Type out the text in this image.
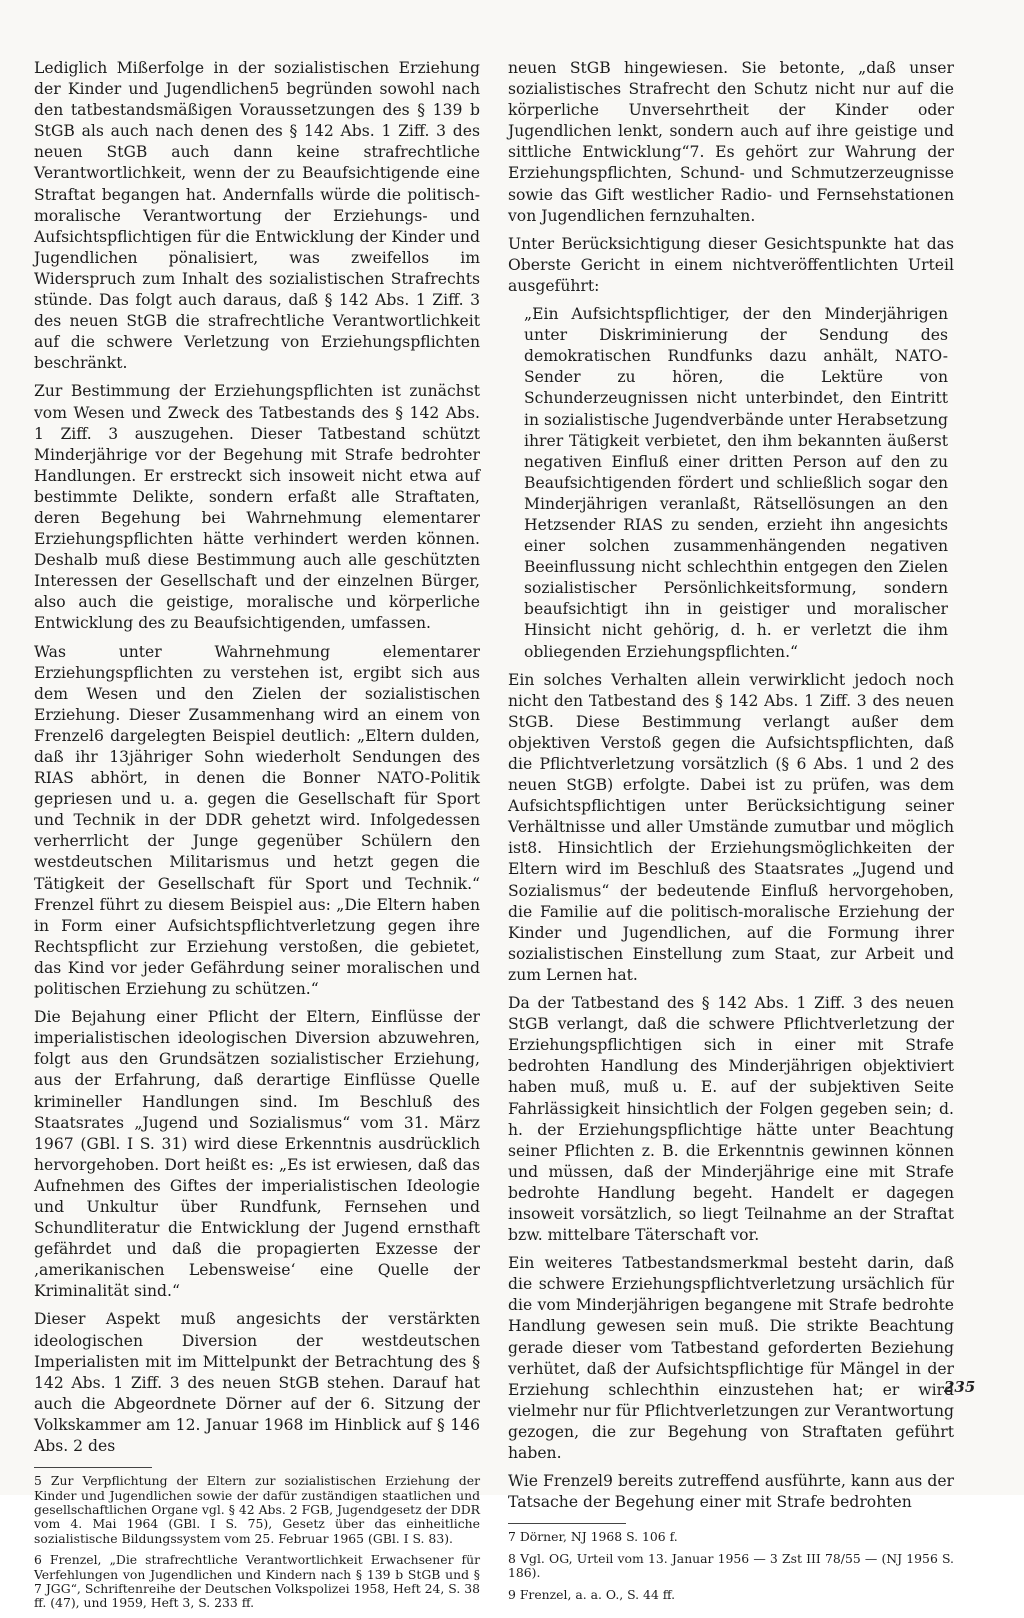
Lediglich Mißerfolge in der sozialistischen Erziehung der Kinder und Jugendlichen5 begründen sowohl nach den tatbestandsmäßigen Voraussetzungen des § 139 b StGB als auch nach denen des § 142 Abs. 1 Ziff. 3 des neuen StGB auch dann keine strafrechtliche Verantwortlichkeit, wenn der zu Beaufsichtigende eine Straftat begangen hat. Andernfalls würde die politisch-moralische Verantwortung der Erziehungs- und Aufsichtspflichtigen für die Entwicklung der Kinder und Jugendlichen pönalisiert, was zweifellos im Widerspruch zum Inhalt des sozialistischen Strafrechts stünde. Das folgt auch daraus, daß § 142 Abs. 1 Ziff. 3 des neuen StGB die strafrechtliche Verantwortlichkeit auf die schwere Verletzung von Erziehungspflichten beschränkt.

Zur Bestimmung der Erziehungspflichten ist zunächst vom Wesen und Zweck des Tatbestands des § 142 Abs. 1 Ziff. 3 auszugehen. Dieser Tatbestand schützt Minderjährige vor der Begehung mit Strafe bedrohter Handlungen. Er erstreckt sich insoweit nicht etwa auf bestimmte Delikte, sondern erfaßt alle Straftaten, deren Begehung bei Wahrnehmung elementarer Erziehungspflichten hätte verhindert werden können. Deshalb muß diese Bestimmung auch alle geschützten Interessen der Gesellschaft und der einzelnen Bürger, also auch die geistige, moralische und körperliche Entwicklung des zu Beaufsichtigenden, umfassen.

Was unter Wahrnehmung elementarer Erziehungspflichten zu verstehen ist, ergibt sich aus dem Wesen und den Zielen der sozialistischen Erziehung. Dieser Zusammenhang wird an einem von Frenzel6 dargelegten Beispiel deutlich: „Eltern dulden, daß ihr 13jähriger Sohn wiederholt Sendungen des RIAS abhört, in denen die Bonner NATO-Politik gepriesen und u. a. gegen die Gesellschaft für Sport und Technik in der DDR gehetzt wird. Infolgedessen verherrlicht der Junge gegenüber Schülern den westdeutschen Militarismus und hetzt gegen die Tätigkeit der Gesellschaft für Sport und Technik.“ Frenzel führt zu diesem Beispiel aus: „Die Eltern haben in Form einer Aufsichtspflichtverletzung gegen ihre Rechtspflicht zur Erziehung verstoßen, die gebietet, das Kind vor jeder Gefährdung seiner moralischen und politischen Erziehung zu schützen.“

Die Bejahung einer Pflicht der Eltern, Einflüsse der imperialistischen ideologischen Diversion abzuwehren, folgt aus den Grundsätzen sozialistischer Erziehung, aus der Erfahrung, daß derartige Einflüsse Quelle krimineller Handlungen sind. Im Beschluß des Staatsrates „Jugend und Sozialismus“ vom 31. März 1967 (GBl. I S. 31) wird diese Erkenntnis ausdrücklich hervorgehoben. Dort heißt es: „Es ist erwiesen, daß das Aufnehmen des Giftes der imperialistischen Ideologie und Unkultur über Rundfunk, Fernsehen und Schundliteratur die Entwicklung der Jugend ernsthaft gefährdet und daß die propagierten Exzesse der ‚amerikanischen Lebensweise‘ eine Quelle der Kriminalität sind.“

Dieser Aspekt muß angesichts der verstärkten ideologischen Diversion der westdeutschen Imperialisten mit im Mittelpunkt der Betrachtung des § 142 Abs. 1 Ziff. 3 des neuen StGB stehen. Darauf hat auch die Abgeordnete Dörner auf der 6. Sitzung der Volkskammer am 12. Januar 1968 im Hinblick auf § 146 Abs. 2 des

5 Zur Verpflichtung der Eltern zur sozialistischen Erziehung der Kinder und Jugendlichen sowie der dafür zuständigen staatlichen und gesellschaftlichen Organe vgl. § 42 Abs. 2 FGB, Jugendgesetz der DDR vom 4. Mai 1964 (GBl. I S. 75), Gesetz über das einheitliche sozialistische Bildungssystem vom 25. Februar 1965 (GBl. I S. 83).

6 Frenzel, „Die strafrechtliche Verantwortlichkeit Erwachsener für Verfehlungen von Jugendlichen und Kindern nach § 139 b StGB und § 7 JGG“, Schriftenreihe der Deutschen Volkspolizei 1958, Heft 24, S. 38 ff. (47), und 1959, Heft 3, S. 233 ff.

neuen StGB hingewiesen. Sie betonte, „daß unser sozialistisches Strafrecht den Schutz nicht nur auf die körperliche Unversehrtheit der Kinder oder Jugendlichen lenkt, sondern auch auf ihre geistige und sittliche Entwicklung“7. Es gehört zur Wahrung der Erziehungspflichten, Schund- und Schmutzerzeugnisse sowie das Gift westlicher Radio- und Fernsehstationen von Jugendlichen fernzuhalten.

Unter Berücksichtigung dieser Gesichtspunkte hat das Oberste Gericht in einem nichtveröffentlichten Urteil ausgeführt:

„Ein Aufsichtspflichtiger, der den Minderjährigen unter Diskriminierung der Sendung des demokratischen Rundfunks dazu anhält, NATO-Sender zu hören, die Lektüre von Schunderzeugnissen nicht unterbindet, den Eintritt in sozialistische Jugendverbände unter Herabsetzung ihrer Tätigkeit verbietet, den ihm bekannten äußerst negativen Einfluß einer dritten Person auf den zu Beaufsichtigenden fördert und schließlich sogar den Minderjährigen veranlaßt, Rätsellösungen an den Hetzsender RIAS zu senden, erzieht ihn angesichts einer solchen zusammenhängenden negativen Beeinflussung nicht schlechthin entgegen den Zielen sozialistischer Persönlichkeitsformung, sondern beaufsichtigt ihn in geistiger und moralischer Hinsicht nicht gehörig, d. h. er verletzt die ihm obliegenden Erziehungspflichten.“

Ein solches Verhalten allein verwirklicht jedoch noch nicht den Tatbestand des § 142 Abs. 1 Ziff. 3 des neuen StGB. Diese Bestimmung verlangt außer dem objektiven Verstoß gegen die Aufsichtspflichten, daß die Pflichtverletzung vorsätzlich (§ 6 Abs. 1 und 2 des neuen StGB) erfolgte. Dabei ist zu prüfen, was dem Aufsichtspflichtigen unter Berücksichtigung seiner Verhältnisse und aller Umstände zumutbar und möglich ist8. Hinsichtlich der Erziehungsmöglichkeiten der Eltern wird im Beschluß des Staatsrates „Jugend und Sozialismus“ der bedeutende Einfluß hervorgehoben, die Familie auf die politisch-moralische Erziehung der Kinder und Jugendlichen, auf die Formung ihrer sozialistischen Einstellung zum Staat, zur Arbeit und zum Lernen hat.

Da der Tatbestand des § 142 Abs. 1 Ziff. 3 des neuen StGB verlangt, daß die schwere Pflichtverletzung der Erziehungspflichtigen sich in einer mit Strafe bedrohten Handlung des Minderjährigen objektiviert haben muß, muß u. E. auf der subjektiven Seite Fahrlässigkeit hinsichtlich der Folgen gegeben sein; d. h. der Erziehungspflichtige hätte unter Beachtung seiner Pflichten z. B. die Erkenntnis gewinnen können und müssen, daß der Minderjährige eine mit Strafe bedrohte Handlung begeht. Handelt er dagegen insoweit vorsätzlich, so liegt Teilnahme an der Straftat bzw. mittelbare Täterschaft vor.

Ein weiteres Tatbestandsmerkmal besteht darin, daß die schwere Erziehungspflichtverletzung ursächlich für die vom Minderjährigen begangene mit Strafe bedrohte Handlung gewesen sein muß. Die strikte Beachtung gerade dieser vom Tatbestand geforderten Beziehung verhütet, daß der Aufsichtspflichtige für Mängel in der Erziehung schlechthin einzustehen hat; er wird vielmehr nur für Pflichtverletzungen zur Verantwortung gezogen, die zur Begehung von Straftaten geführt haben.

Wie Frenzel9 bereits zutreffend ausführte, kann aus der Tatsache der Begehung einer mit Strafe bedrohten

7 Dörner, NJ 1968 S. 106 f.

8 Vgl. OG, Urteil vom 13. Januar 1956 — 3 Zst III 78/55 — (NJ 1956 S. 186).

9 Frenzel, a. a. O., S. 44 ff.

235
